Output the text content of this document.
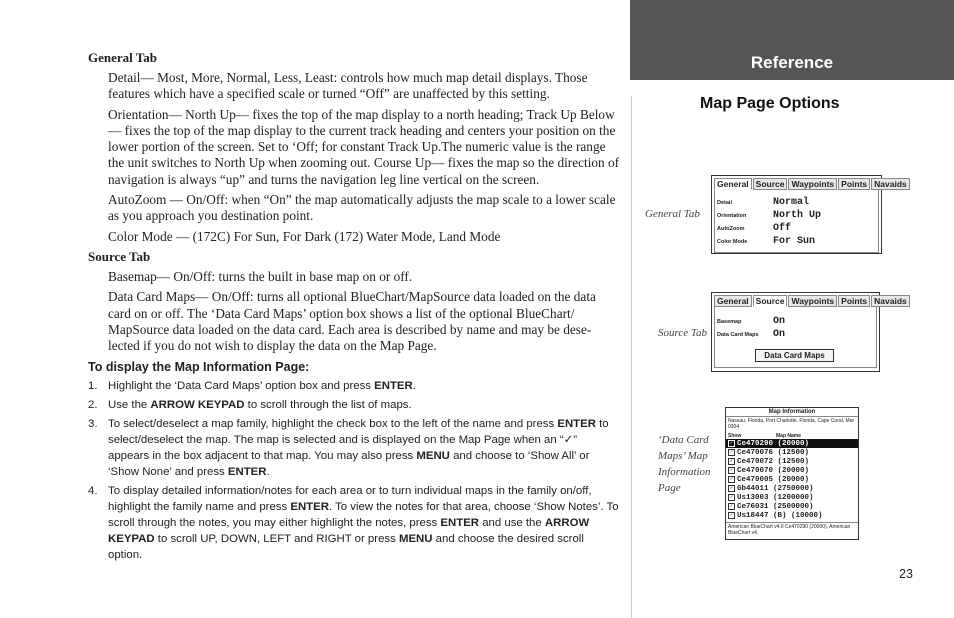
Reference
Map Page Options
General Tab

Detail— Most, More, Normal, Less, Least: controls how much map detail displays. Those features which have a specified scale or turned “Off” are unaffected by this setting.

Orientation— North Up— fixes the top of the map display to a north heading; Track Up Below— fixes the top of the map display to the current track heading and centers your position on the lower portion of the screen. Set to ‘Off; for constant Track Up.The numeric value is the range the unit switches to North Up when zooming out. Course Up— fixes the map so the direction of navigation is always “up” and turns the navigation leg line vertical on the screen.

AutoZoom — On/Off: when “On” the map automatically adjusts the map scale to a lower scale as you approach you destination point.

Color Mode — (172C) For Sun, For Dark (172) Water Mode, Land Mode

Source Tab

Basemap— On/Off: turns the built in base map on or off.

Data Card Maps— On/Off: turns all optional BlueChart/MapSource data loaded on the data card on or off. The ‘Data Card Maps’ option box shows a list of the optional BlueChart/ MapSource data loaded on the data card. Each area is described by name and may be dese- lected if you do not wish to display the data on the Map Page.

To display the Map Information Page:
1. Highlight the ‘Data Card Maps’ option box and press ENTER.
2. Use the ARROW KEYPAD to scroll through the list of maps.
3. To select/deselect a map family, highlight the check box to the left of the name and press ENTER to select/deselect the map. The map is selected and is displayed on the Map Page when an “✓” appears in the box adjacent to that map. You may also press MENU and choose to ‘Show All’ or ‘Show None’ and press ENTER.
4. To display detailed information/notes for each area or to turn individual maps in the family on/off, highlight the family name and press ENTER. To view the notes for that area, choose ‘Show Notes’. To scroll through the notes, you may either highlight the notes, press ENTER and use the ARROW KEYPAD to scroll UP, DOWN, LEFT and RIGHT or press MENU and choose the desired scroll option.
General Tab
Source Tab
‘Data Card
Maps’ Map
Information
Page
General Source Waypoints Points Navaids
Detail	Normal
Orientation	North Up
AutoZoom	Off
Color Mode	For Sun
General Source Waypoints Points Navaids
Basemap	On
Data Card Maps	On
Data Card Maps
Map Information
Nassau, Florida, Port Charlotte, Florida, Cape Coral, Mar 0304
Show	Map Name
✓ Ce470290 (20000)
✓ Ce470076 (12500)
✓ Ce470072 (12500)
✓ Ce470070 (20000)
✓ Ce470005 (20000)
✓ Gb44011 (2750000)
✓ Us13003 (1200000)
✓ Ce76031 (2500000)
✓ Us18447 (B) (10000)
American BlueChart v4.0 Ce470290 (20000), American BlueChart v4.
23
